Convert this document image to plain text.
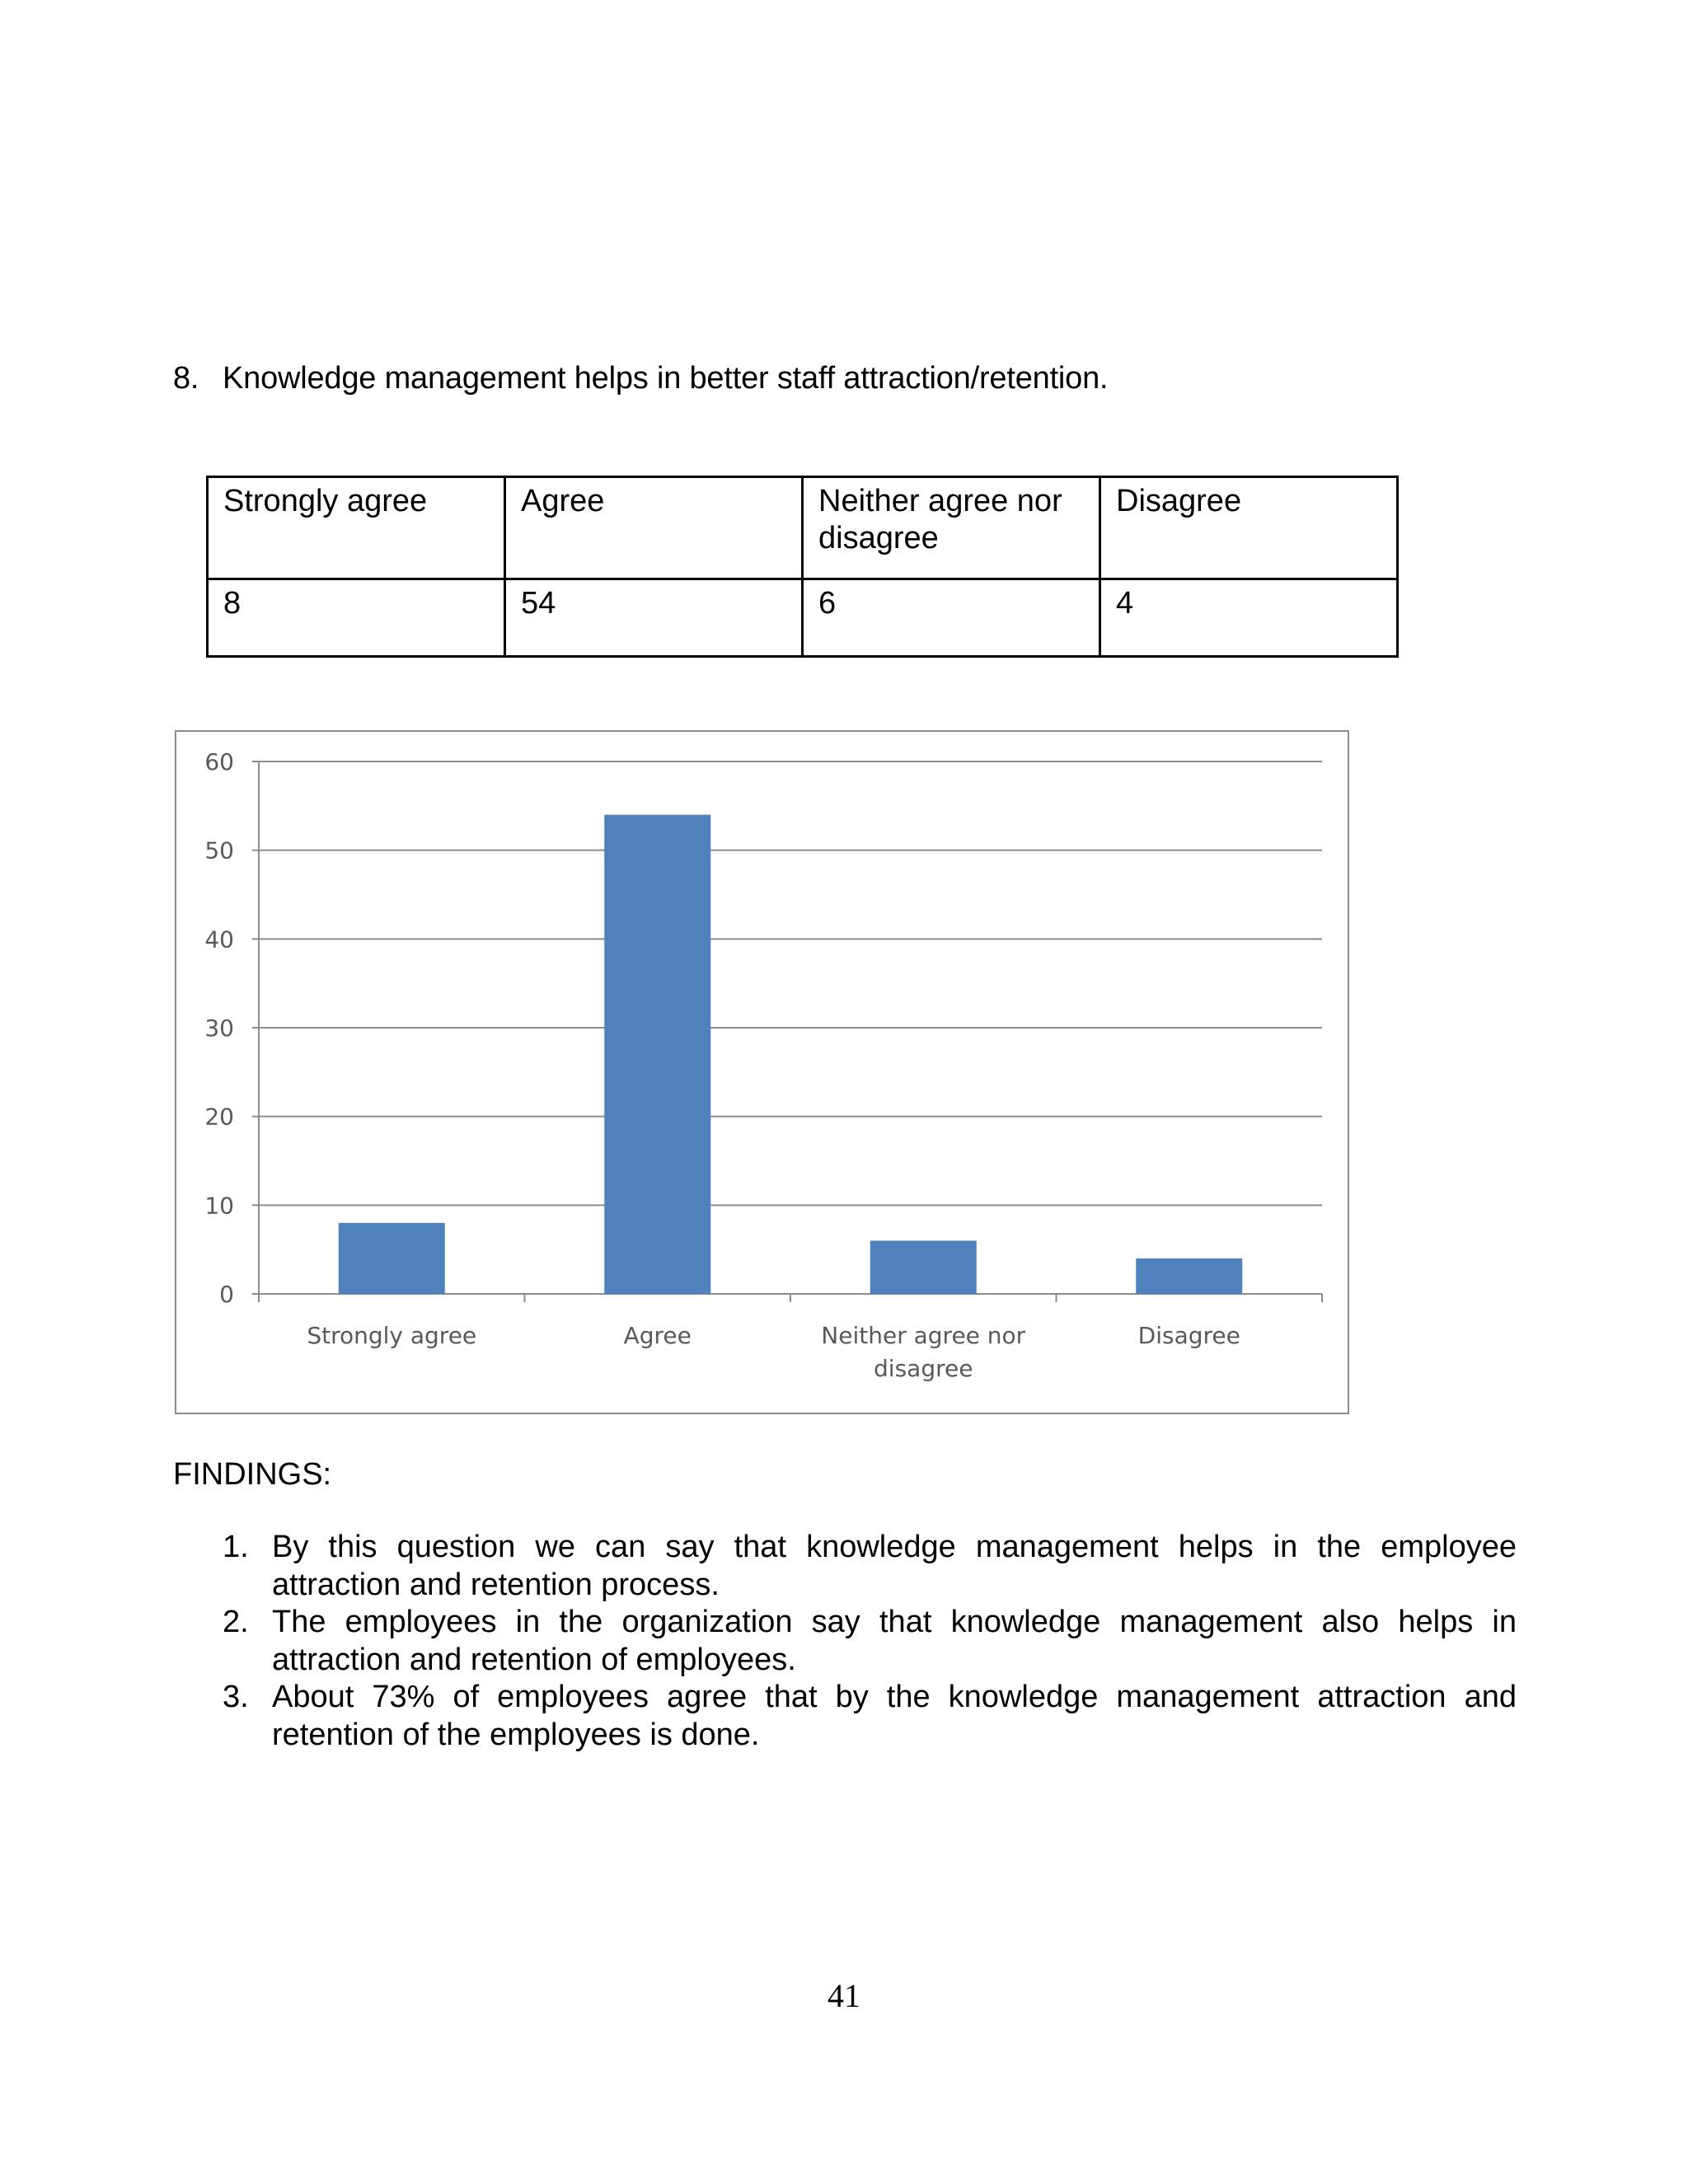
8. Knowledge management helps in better staff attraction/retention.
Strongly agree	Agree	Neither agree nor disagree	Disagree
8	54	6	4
0
10
20
30
40
50
60
Strongly agree	Agree	Neither agree nor
disagree
Disagree
FINDINGS:
1. By this question we can say that knowledge management helps in the employee attraction and retention process.
2. The employees in the organization say that knowledge management also helps in attraction and retention of employees.
3. About 73% of employees agree that by the knowledge management attraction and retention of the employees is done.
41
